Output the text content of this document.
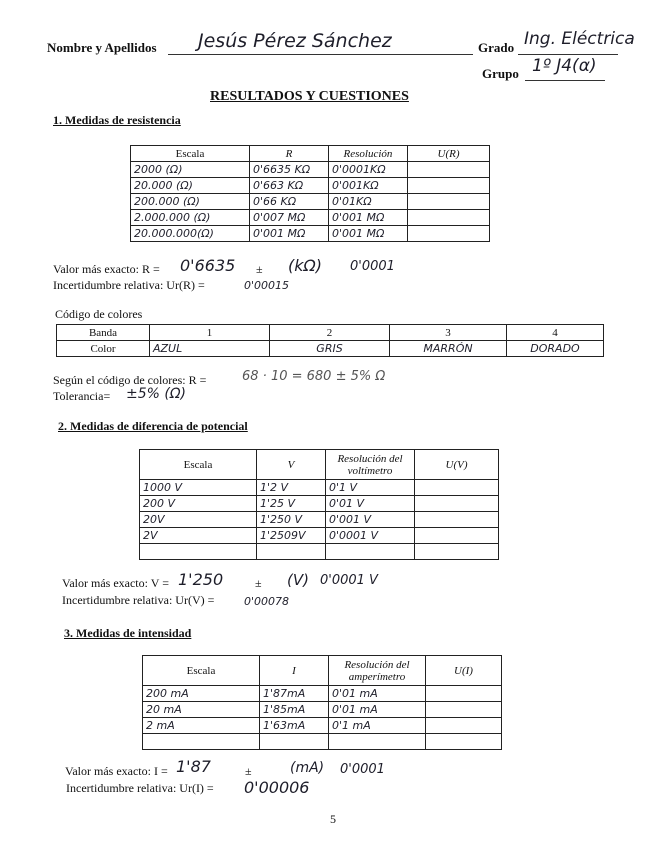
Nombre y Apellidos Jesús Pérez Sánchez	Grado Ing. Eléctrica
Grupo 1º J4(α)
RESULTADOS Y CUESTIONES
1. Medidas de resistencia
Escala	R	Resolución	U(R)
2000 (Ω)	0'6635 KΩ	0'0001KΩ	
20.000 (Ω)	0'663 KΩ	0'001KΩ	
200.000 (Ω)	0'66 KΩ	0'01KΩ	
2.000.000 (Ω)	0'007 MΩ	0'001 MΩ	
20.000.000(Ω)	0'001 MΩ	0'001 MΩ	
Valor más exacto: R = 0'6635 ± (kΩ) 0'0001
Incertidumbre relativa: Ur(R) =	0'00015
Código de colores
Banda	1	2	3	4
Color	AZUL	GRIS	MARRÓN	DORADO
Según el código de colores: R =	68 · 10 = 680 ± 5% Ω
Tolerancia= ±5% (Ω)
2. Medidas de diferencia de potencial
Escala	V	Resolución del voltímetro	U(V)
1000 V	1'2 V	0'1 V	
200 V	1'25 V	0'01 V	
20V	1'250 V	0'001 V	
2V	1'2509V	0'0001 V	

Valor más exacto: V = 1'250	± (V) 0'0001 V
Incertidumbre relativa: Ur(V) =	0'00078
3. Medidas de intensidad
Escala	I	Resolución del amperímetro	U(I)
200 mA	1'87mA	0'01 mA	
20 mA	1'85mA	0'01 mA	
2 mA	1'63mA	0'1 mA	

Valor más exacto: I = 1'87	±	(mA) 0'0001
Incertidumbre relativa: Ur(I) = 0'00006
5
